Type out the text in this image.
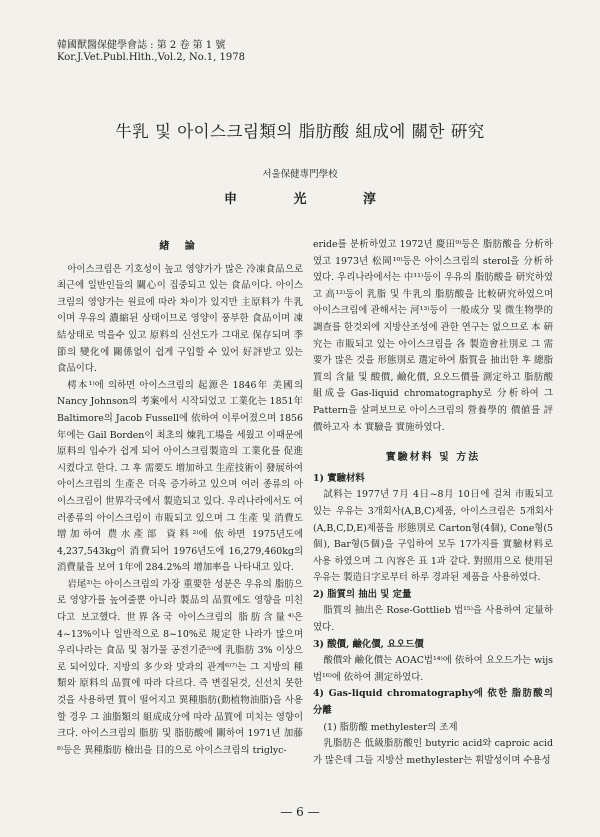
韓國獸醫保健學會誌 : 第 2 卷 第 1 號
Kor.J.Vet.Publ.Hlth.,Vol.2, No.1, 1978
牛乳 및 아이스크림類의 脂肪酸 組成에 關한 硏究
서울保健專門學校
申 光 淳
緖 論

아이스크림은 기호성이 높고 영양가가 많은 冷凍食品으로 최근에 일반인들의 關心이 집중되고 있는 食品이다. 아이스크림의 영양가는 원료에 따라 차이가 있지만 主原料가 牛乳이며 우유의 濃縮된 상태이므로 영양이 풍부한 食品이며 凍結상태로 먹을수 있고 原料의 신선도가 그대로 保存되며 季節의 變化에 關係없이 쉽게 구입할 수 있어 好評받고 있는 食品이다.

樗本¹⁾에 의하면 아이스크림의 起源은 1846年 美國의 Nancy Johnson의 考案에서 시작되었고 工業化는 1851年 Baltimore의 Jacob Fussell에 依하여 이루어졌으며 1856年에는 Gail Borden이 최초의 煉乳工場을 세웠고 이때문에 原料의 입수가 쉽게 되어 아이스크림製造의 工業化를 促進시켰다고 한다. 그 후 需要도 增加하고 生産技術이 發展하여 아이스크림의 生產은 더욱 증가하고 있으며 여러 종류의 아이스크림이 世界각국에서 製造되고 있다. 우리나라에서도 여러종류의 아이스크림이 市販되고 있으며 그 生產 및 消費도 增加하여 農水產部 資料²⁾에 依하면 1975년도에 4,237,543kg이 消費되어 1976년도에 16,279,460kg의 消費量을 보여 1年에 284.2%의 增加率을 나타내고 있다.

岩尾³⁾는 아이스크림의 가장 重要한 성분은 우유의 脂肪으로 영양가를 높여줄뿐 아니라 製品의 品質에도 영향을 미친다고 보고했다. 世界各국 아이스크림의 脂肪含量⁴⁾은 4~13%이나 일반적으로 8~10%로 規定한 나라가 많으며 우리나라는 食品 및 첨가물 공전기준⁵⁾에 乳脂肪 3% 이상으로 되어있다. 지방의 多少와 맛과의 관계⁶⁾⁷⁾는 그 지방의 種類와 原料의 品質에 따라 다르다. 즉 변질된것, 신선치 못한것을 사용하면 質이 떨어지고 異種脂肪(動植物油脂)을 사용할 경우 그 油脂類의 組成成分에 따라 品質에 미치는 영향이 크다. 아이스크림의 脂肪 및 脂肪酸에 關하여 1971년 加藤⁸⁾등은 異種脂肪 檢出을 目的으로 아이스크림의 triglyc-

eride를 분析하였고 1972년 慶田⁹⁾등은 脂肪酸을 分析하였고 1973년 松岡¹⁰⁾등은 아이스크림의 sterol을 分析하였다. 우리나라에서는 中¹¹⁾등이 우유의 脂肪酸을 研究하였고 高¹²⁾등이 乳脂 및 牛乳의 脂肪酸을 比較硏究하였으며 아이스크림에 관해서는 河¹³⁾등이 一般成分 및 微生物學的 調查를 한것외에 지방산조성에 관한 연구는 없으므로 本 硏究는 市販되고 있는 아이스크림을 各 製造會社別로 그 需要가 많은 것을 形態別로 選定하여 脂質을 抽出한 후 總脂質의 含量 및 酸價, 鹼化價, 요오드價를 測定하고 脂肪酸 組成을 Gas-liquid chromatography로 分析하여 그 Pattern을 살펴보므로 아이스크림의 營養學的 價値를 評價하고자 本 實驗을 實施하였다.

實驗材料 및 方法

1) 實驗材料

試料는 1977년 7月 4日~8月 10日에 걸쳐 市販되고 있는 우유는 3개회사(A,B,C)제품, 아이스크림은 5개회사(A,B,C,D,E)제품을 形態別로 Carton형(4個), Cone형(5個), Bar형(5個)을 구입하여 모두 17가지를 實驗材料로 사용 하였으며 그 內容은 표 1과 같다. 對照用으로 使用된 우유는 製造日字로부터 하루 경과된 제품을 사용하였다.

2) 脂質의 抽出 및 定量

脂質의 抽出은 Rose-Gottlieb 법¹⁵⁾을 사용하여 定量하였다.

3) 酸價, 鹼化價, 요오드價

酸價와 鹼化價는 AOAC법¹⁴⁾에 依하여 요오드가는 wijs법¹⁶⁾에 依하여 測定하였다.

4) Gas-liquid chromatography에 依한 脂肪酸의 分離

(1) 脂肪酸 methylester의 조제

乳脂肪은 低級脂肪酸인 butyric acid와 caproic acid가 많은데 그들 지방산 methylester는 휘발성이며 수용성

— 6 —
